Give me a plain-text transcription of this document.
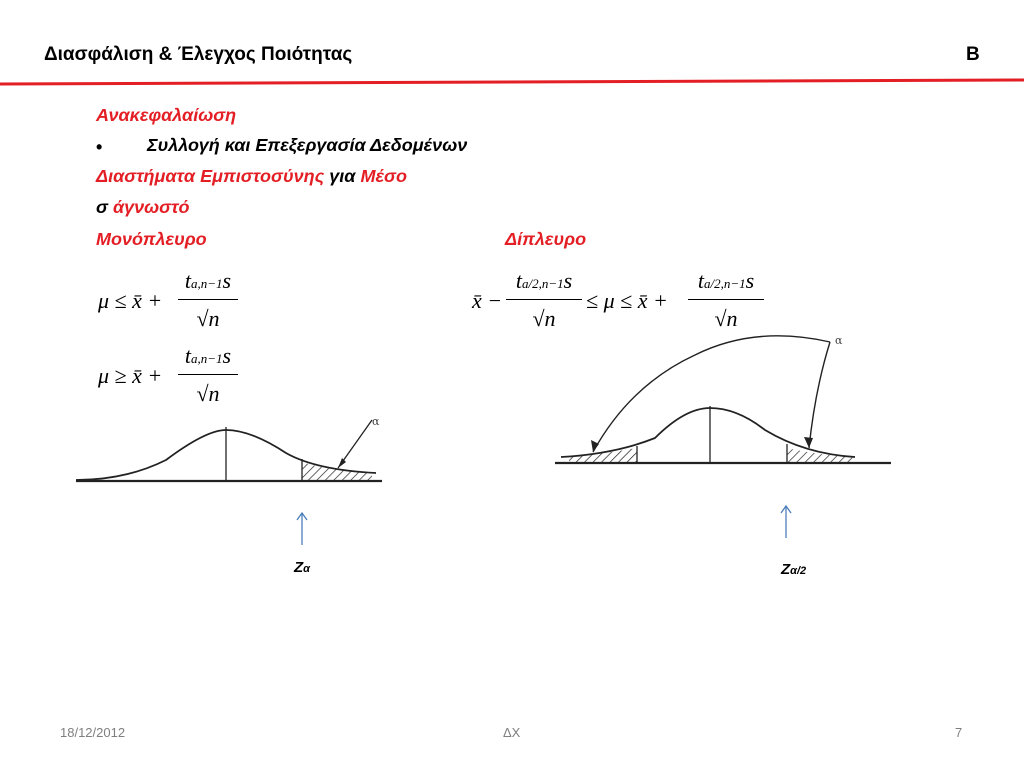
Διασφάλιση & Έλεγχος Ποιότητας	B
Ανακεφαλαίωση
• Συλλογή και Επεξεργασία Δεδομένων
Διαστήματα Εμπιστοσύνης για Μέσο
σ άγνωστό
Μονόπλευρο	Δίπλευρο
μ ≤ x̄ +
ta,n−1s
√n
μ ≥ x̄ +
ta,n−1s
√n
x̄ −
ta/2,n−1s
√n
≤ μ ≤ x̄ +
ta/2,n−1s
√n
α
α
Zα	Zα/2
18/12/2012	ΔΧ	7
